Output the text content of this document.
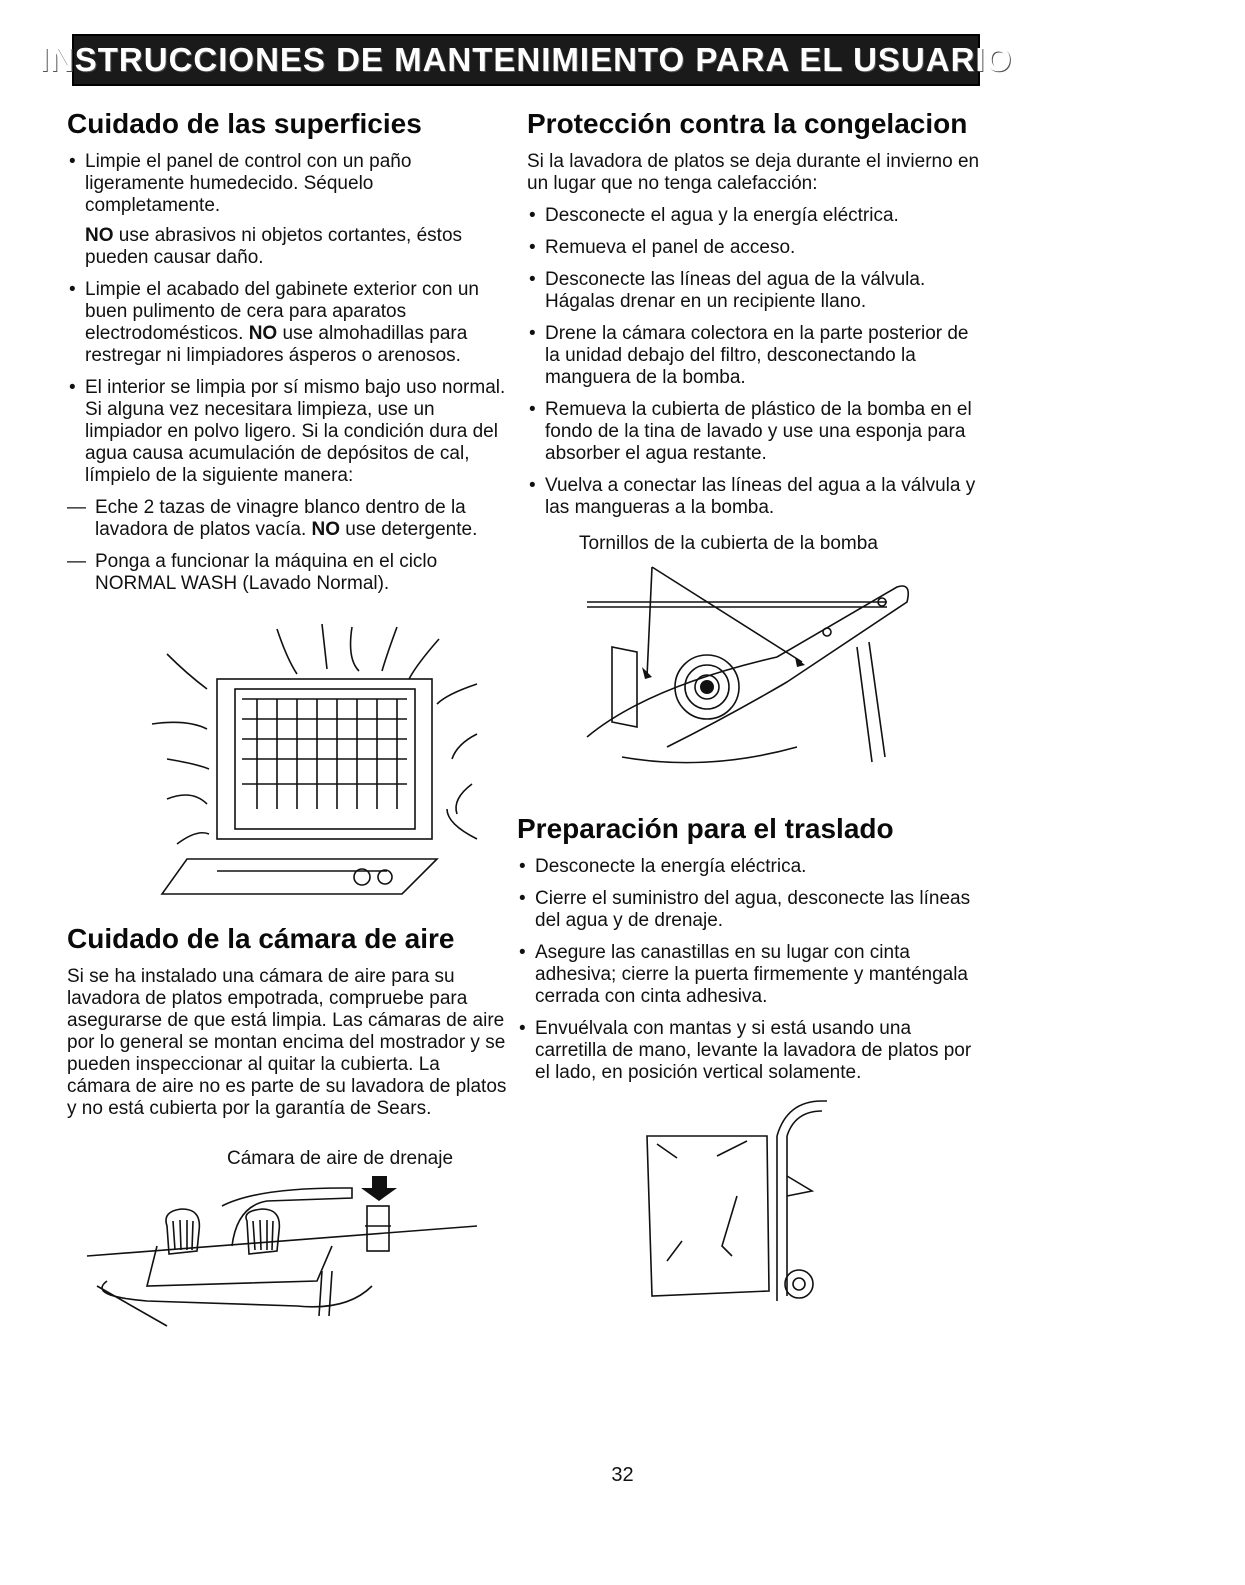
INSTRUCCIONES DE MANTENIMIENTO PARA EL USUARIO
Cuidado de las superficies
• Limpie el panel de control con un paño ligeramente humedecido. Séquelo completamente.
NO use abrasivos ni objetos cortantes, éstos pueden causar daño.
• Limpie el acabado del gabinete exterior con un buen pulimento de cera para aparatos electrodomésticos. NO use almohadillas para restregar ni limpiadores ásperos o arenosos.
• El interior se limpia por sí mismo bajo uso normal. Si alguna vez necesitara limpieza, use un limpiador en polvo ligero. Si la condición dura del agua causa acumulación de depósitos de cal, límpielo de la siguiente manera:
— Eche 2 tazas de vinagre blanco dentro de la lavadora de platos vacía. NO use detergente.
— Ponga a funcionar la máquina en el ciclo NORMAL WASH (Lavado Normal).
Cuidado de la cámara de aire

Si se ha instalado una cámara de aire para su lavadora de platos empotrada, compruebe para asegurarse de que está limpia. Las cámaras de aire por lo general se montan encima del mostrador y se pueden inspeccionar al quitar la cubierta. La cámara de aire no es parte de su lavadora de platos y no está cubierta por la garantía de Sears.

Cámara de aire de drenaje
Protección contra la congelacion

Si la lavadora de platos se deja durante el invierno en un lugar que no tenga calefacción:

• Desconecte el agua y la energía eléctrica.
• Remueva el panel de acceso.
• Desconecte las líneas del agua de la válvula. Hágalas drenar en un recipiente llano.
• Drene la cámara colectora en la parte posterior de la unidad debajo del filtro, desconectando la manguera de la bomba.
• Remueva la cubierta de plástico de la bomba en el fondo de la tina de lavado y use una esponja para absorber el agua restante.
• Vuelva a conectar las líneas del agua a la válvula y las mangueras a la bomba.
Tornillos de la cubierta de la bomba
Preparación para el traslado
• Desconecte la energía eléctrica.
• Cierre el suministro del agua, desconecte las líneas del agua y de drenaje.
• Asegure las canastillas en su lugar con cinta adhesiva; cierre la puerta firmemente y manténgala cerrada con cinta adhesiva.
• Envuélvala con mantas y si está usando una carretilla de mano, levante la lavadora de platos por el lado, en posición vertical solamente.
32
